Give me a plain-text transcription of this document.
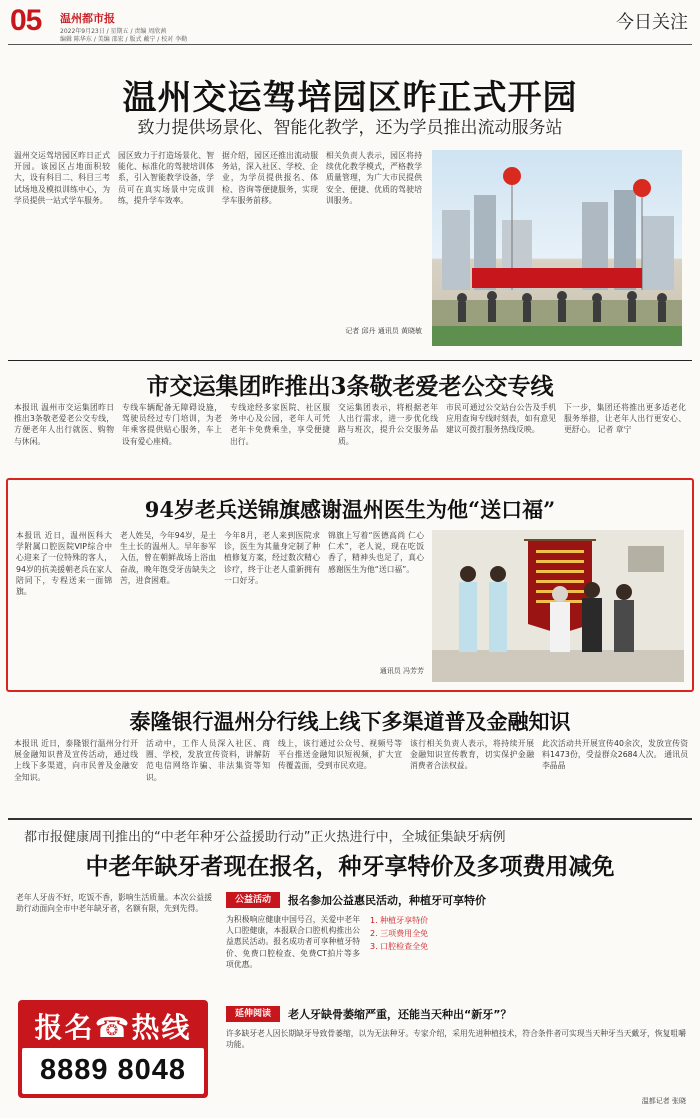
05 温州都市报
2022年9月23日 / 星期五 / 责编 周欣茜
编辑 陈华东 / 美编 邵宏 / 版式 戴宁 / 校对 李勤
今日关注
温州交运驾培园区昨正式开园
致力提供场景化、智能化教学，还为学员推出流动服务站
温州交运驾培园区昨日正式开园。该园区占地面积较大，设有科目二、科目三考试场地及模拟训练中心，为学员提供一站式学车服务。
园区致力于打造场景化、智能化、标准化的驾驶培训体系，引入智能教学设备，学员可在真实场景中完成训练，提升学车效率。
据介绍，园区还推出流动服务站，深入社区、学校、企业，为学员提供报名、体检、咨询等便捷服务，实现学车服务前移。
相关负责人表示，园区将持续优化教学模式，严格教学质量管理，为广大市民提供安全、便捷、优质的驾驶培训服务。
记者 邱丹 通讯员 黄晓敏
市交运集团昨推出3条敬老爱老公交专线
本报讯 温州市交运集团昨日推出3条敬老爱老公交专线，方便老年人出行就医、购物与休闲。
专线车辆配备无障碍设施，驾驶员经过专门培训，为老年乘客提供贴心服务，车上设有爱心座椅。
专线途经多家医院、社区服务中心及公园，老年人可凭老年卡免费乘坐，享受便捷出行。
交运集团表示，将根据老年人出行需求，进一步优化线路与班次，提升公交服务品质。
市民可通过公交站台公告及手机应用查询专线时刻表，如有意见建议可拨打服务热线反映。
下一步，集团还将推出更多适老化服务举措，让老年人出行更安心、更舒心。 记者 章宁
94岁老兵送锦旗感谢温州医生为他“送口福”
本报讯 近日，温州医科大学附属口腔医院VIP综合中心迎来了一位特殊的客人，94岁的抗美援朝老兵在家人陪同下，专程送来一面锦旗。
老人姓吴，今年94岁，是土生土长的温州人。早年参军入伍，曾在朝鲜战场上浴血奋战，晚年饱受牙齿缺失之苦，进食困难。
今年8月，老人来到医院求诊，医生为其量身定制了种植修复方案，经过数次精心诊疗，终于让老人重新拥有一口好牙。
锦旗上写着“医德高尚 仁心仁术”，老人说，现在吃饭香了，精神头也足了，真心感谢医生为他“送口福”。
通讯员 冯芳芳
泰隆银行温州分行线上线下多渠道普及金融知识
本报讯 近日，泰隆银行温州分行开展金融知识普及宣传活动，通过线上线下多渠道，向市民普及金融安全知识。
活动中，工作人员深入社区、商圈、学校，发放宣传资料，讲解防范电信网络诈骗、非法集资等知识。
线上，该行通过公众号、视频号等平台推送金融知识短视频，扩大宣传覆盖面，受到市民欢迎。
该行相关负责人表示，将持续开展金融知识宣传教育，切实保护金融消费者合法权益。
此次活动共开展宣传40余次，发放宣传资料1473份，受益群众2684人次。 通讯员 李晶晶
都市报健康周刊推出的“中老年种牙公益援助行动”正火热进行中，全城征集缺牙病例
中老年缺牙者现在报名，种牙享特价及多项费用减免
老年人牙齿不好，吃饭不香，影响生活质量。本次公益援助行动面向全市中老年缺牙者，名额有限，先到先得。
报名☎热线
8889 8048
公益活动	报名参加公益惠民活动，种植牙可享特价
为积极响应健康中国号召，关爱中老年人口腔健康，本报联合口腔机构推出公益惠民活动。报名成功者可享种植牙特价、免费口腔检查、免费CT拍片等多项优惠。
1. 种植牙享特价
2. 三项费用全免
3. 口腔检查全免
延伸阅读	老人牙缺骨萎缩严重，还能当天种出“新牙”？
许多缺牙老人因长期缺牙导致骨萎缩，以为无法种牙。专家介绍，采用先进种植技术，符合条件者可实现当天种牙当天戴牙，恢复咀嚼功能。
温都记者 张晓
